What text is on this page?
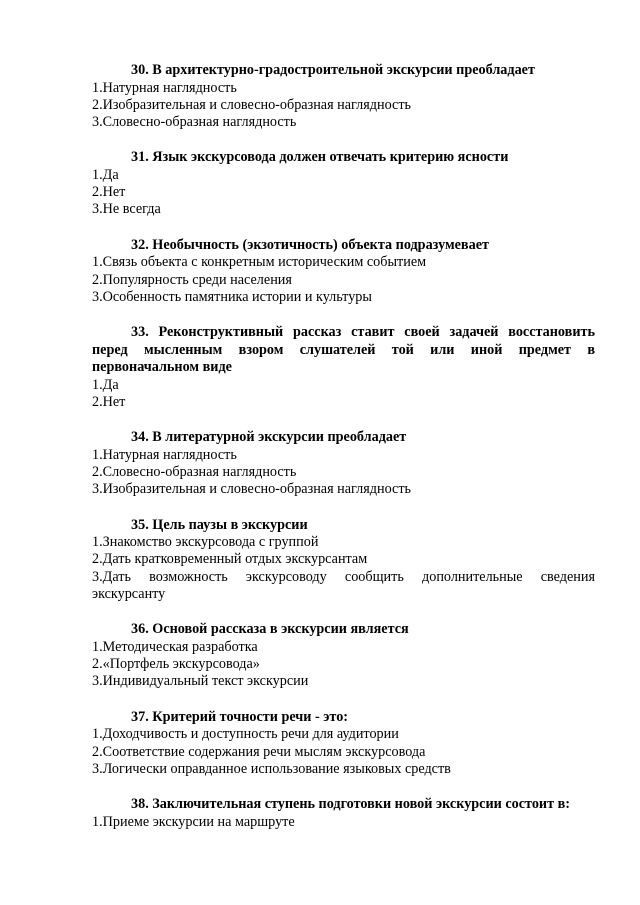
30. В архитектурно-градостроительной экскурсии преобладает

1.Натурная наглядность

2.Изобразительная и словесно-образная наглядность

3.Словесно-образная наглядность

31. Язык экскурсовода должен отвечать критерию ясности

1.Да

2.Нет

3.Не всегда

32. Необычность (экзотичность) объекта подразумевает

1.Связь объекта с конкретным историческим событием

2.Популярность среди населения

3.Особенность памятника истории и культуры

33. Реконструктивный рассказ ставит своей задачей восстановить перед мысленным взором слушателей той или иной предмет в первоначальном виде

1.Да

2.Нет

34. В литературной экскурсии преобладает

1.Натурная наглядность

2.Словесно-образная наглядность

3.Изобразительная и словесно-образная наглядность

35. Цель паузы в экскурсии

1.Знакомство экскурсовода с группой

2.Дать кратковременный отдых экскурсантам

3.Дать возможность экскурсоводу сообщить дополнительные сведения экскурсанту

36. Основой рассказа в экскурсии является

1.Методическая разработка

2.«Портфель экскурсовода»

3.Индивидуальный текст экскурсии

37. Критерий точности речи - это:

1.Доходчивость и доступность речи для аудитории

2.Соответствие содержания речи мыслям экскурсовода

3.Логически оправданное использование языковых средств

38. Заключительная ступень подготовки новой экскурсии состоит в:

1.Приеме экскурсии на маршруте
